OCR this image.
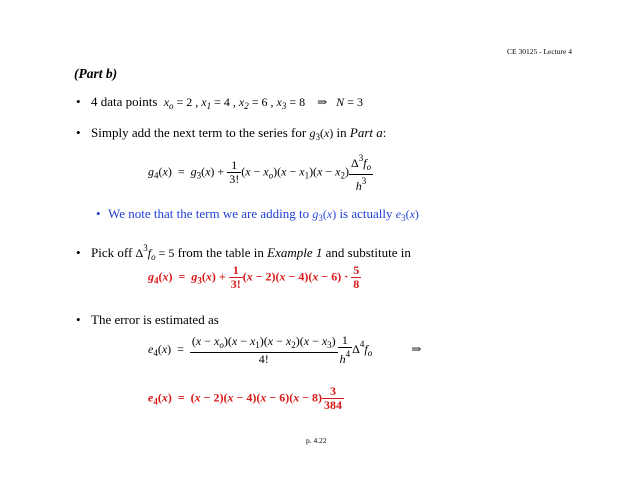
CE 30125 - Lecture 4
(Part b)
• 4 data points $x_o = 2$ , $x_1 = 4$ , $x_2 = 6$ , $x_3 = 8$    ⇒   N = 3
• Simply add the next term to the series for $g_3(x)$ in Part a:
$g_4(x) = g_3(x) + \frac{1}{3!} (x - x_o)(x - x_1)(x - x_2) \frac{\Delta^3f_o}{h^3}$
• We note that the term we are adding to $g_3(x)$ is actually $e_3(x)$
• Pick off $\Delta^3f_o = 5$ from the table in Example 1 and substitute in
$g_4(x) = g_3(x) + \frac{1}{3!} (x - 2)(x - 4)(x - 6) \cdot \frac{5}{8}$
• The error is estimated as
$e_4(x) = \frac{(x - x_o)(x - x_1)(x - x_2)(x - x_3)}{4!} \frac{1}{h^4} \Delta^4f_o$	⇒
$e_4(x) = (x - 2)(x - 4)(x - 6)(x - 8) \frac{3}{384}$
p. 4.22
